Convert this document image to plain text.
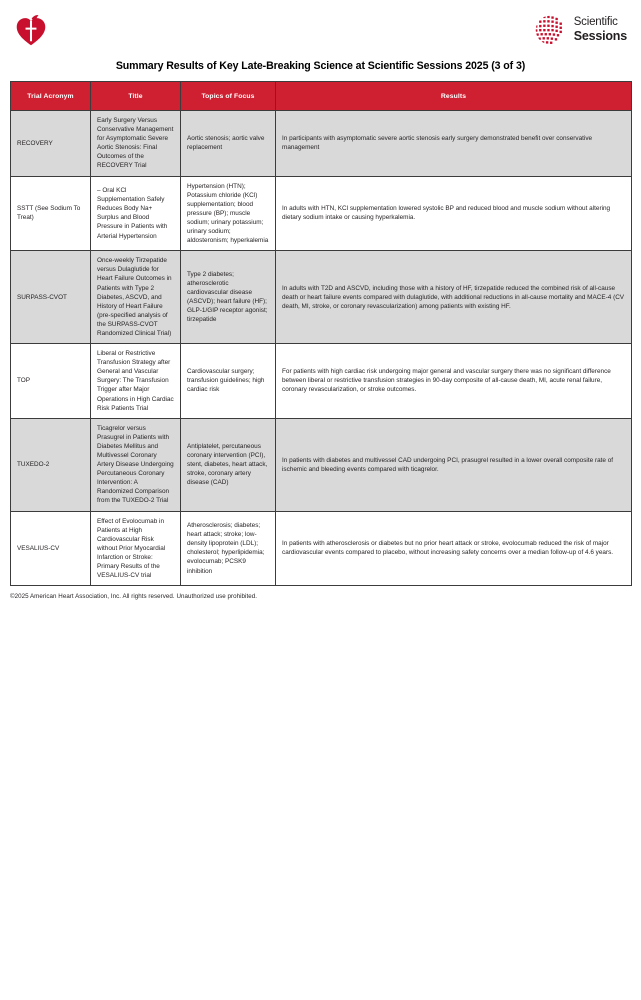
Scientific
Sessions
Summary Results of Key Late-Breaking Science at Scientific Sessions 2025 (3 of 3)
Trial Acronym	Title	Topics of Focus	Results
RECOVERY	Early Surgery Versus Conservative Management for Asymptomatic Severe Aortic Stenosis: Final Outcomes of the RECOVERY Trial	Aortic stenosis; aortic valve replacement	In participants with asymptomatic severe aortic stenosis early surgery demonstrated benefit over conservative management
SSTT (See Sodium To Treat)	– Oral KCl Supplementation Safely Reduces Body Na+ Surplus and Blood Pressure in Patients with Arterial Hypertension	Hypertension (HTN); Potassium chloride (KCl) supplementation; blood pressure (BP); muscle sodium; urinary potassium; urinary sodium; aldosteronism; hyperkalemia	In adults with HTN, KCl supplementation lowered systolic BP and reduced blood and muscle sodium without altering dietary sodium intake or causing hyperkalemia.
SURPASS-CVOT	Once-weekly Tirzepatide versus Dulaglutide for Heart Failure Outcomes in Patients with Type 2 Diabetes, ASCVD, and History of Heart Failure (pre-specified analysis of the SURPASS-CVOT Randomized Clinical Trial)	Type 2 diabetes; atherosclerotic cardiovascular disease (ASCVD); heart failure (HF); GLP-1/GIP receptor agonist; tirzepatide	In adults with T2D and ASCVD, including those with a history of HF, tirzepatide reduced the combined risk of all-cause death or heart failure events compared with dulaglutide, with additional reductions in all-cause mortality and MACE-4 (CV death, MI, stroke, or coronary revascularization) among patients with existing HF.
TOP	Liberal or Restrictive Transfusion Strategy after General and Vascular Surgery: The Transfusion Trigger after Major Operations in High Cardiac Risk Patients Trial	Cardiovascular surgery; transfusion guidelines; high cardiac risk	For patients with high cardiac risk undergoing major general and vascular surgery there was no significant difference between liberal or restrictive transfusion strategies in 90-day composite of all-cause death, MI, acute renal failure, coronary revascularization, or stroke outcomes.
TUXEDO-2	Ticagrelor versus Prasugrel in Patients with Diabetes Mellitus and Multivessel Coronary Artery Disease Undergoing Percutaneous Coronary Intervention: A Randomized Comparison from the TUXEDO-2 Trial	Antiplatelet, percutaneous coronary intervention (PCI), stent, diabetes, heart attack, stroke, coronary artery disease (CAD)	In patients with diabetes and multivessel CAD undergoing PCI, prasugrel resulted in a lower overall composite rate of ischemic and bleeding events compared with ticagrelor.
VESALIUS-CV	Effect of Evolocumab in Patients at High Cardiovascular Risk without Prior Myocardial Infarction or Stroke: Primary Results of the VESALIUS-CV trial	Atherosclerosis; diabetes; heart attack; stroke; low-density lipoprotein (LDL); cholesterol; hyperlipidemia; evolocumab; PCSK9 inhibition	In patients with atherosclerosis or diabetes but no prior heart attack or stroke, evolocumab reduced the risk of major cardiovascular events compared to placebo, without increasing safety concerns over a median follow-up of 4.6 years.
©2025 American Heart Association, Inc. All rights reserved. Unauthorized use prohibited.
